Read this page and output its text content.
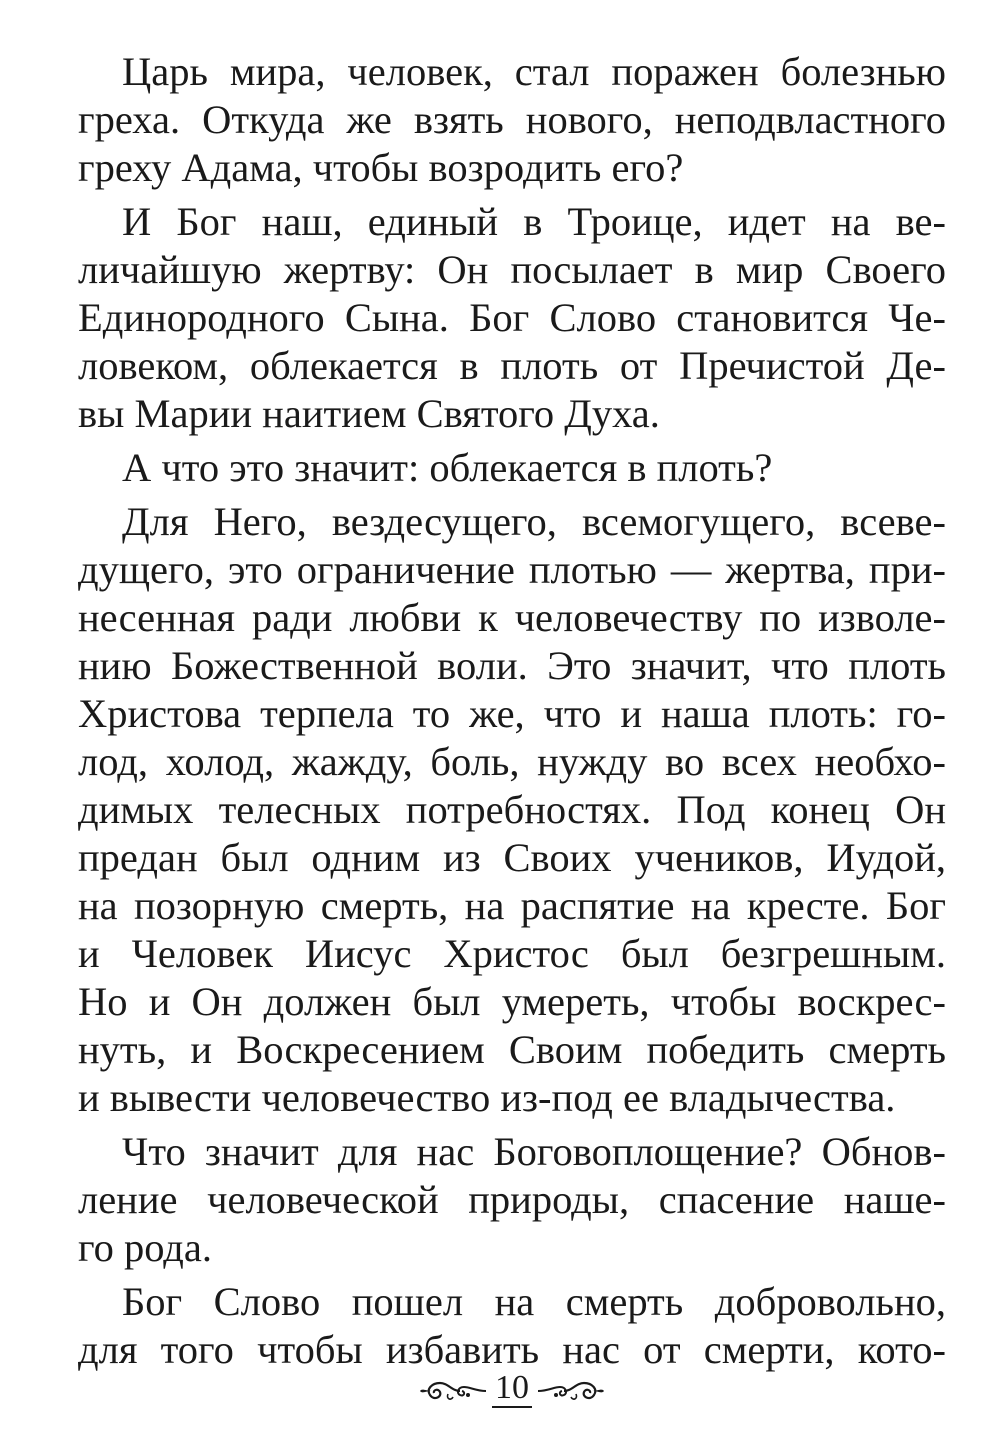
Царь мира, человек, стал поражен болезнью
греха. Откуда же взять нового, неподвластного
греху Адама, чтобы возродить его?
И Бог наш, единый в Троице, идет на ве-
личайшую жертву: Он посылает в мир Своего
Единородного Сына. Бог Слово становится Че-
ловеком, облекается в плоть от Пречистой Де-
вы Марии наитием Святого Духа.
А что это значит: облекается в плоть?
Для Него, вездесущего, всемогущего, всеве-
дущего, это ограничение плотью — жертва, при-
несенная ради любви к человечеству по изволе-
нию Божественной воли. Это значит, что плоть
Христова терпела то же, что и наша плоть: го-
лод, холод, жажду, боль, нужду во всех необхо-
димых телесных потребностях. Под конец Он
предан был одним из Своих учеников, Иудой,
на позорную смерть, на распятие на кресте. Бог
и Человек Иисус Христос был безгрешным.
Но и Он должен был умереть, чтобы воскрес-
нуть, и Воскресением Своим победить смерть
и вывести человечество из-под ее владычества.
Что значит для нас Боговоплощение? Обнов-
ление человеческой природы, спасение наше-
го рода.
Бог Слово пошел на смерть добровольно,
для того чтобы избавить нас от смерти, кото-
10
